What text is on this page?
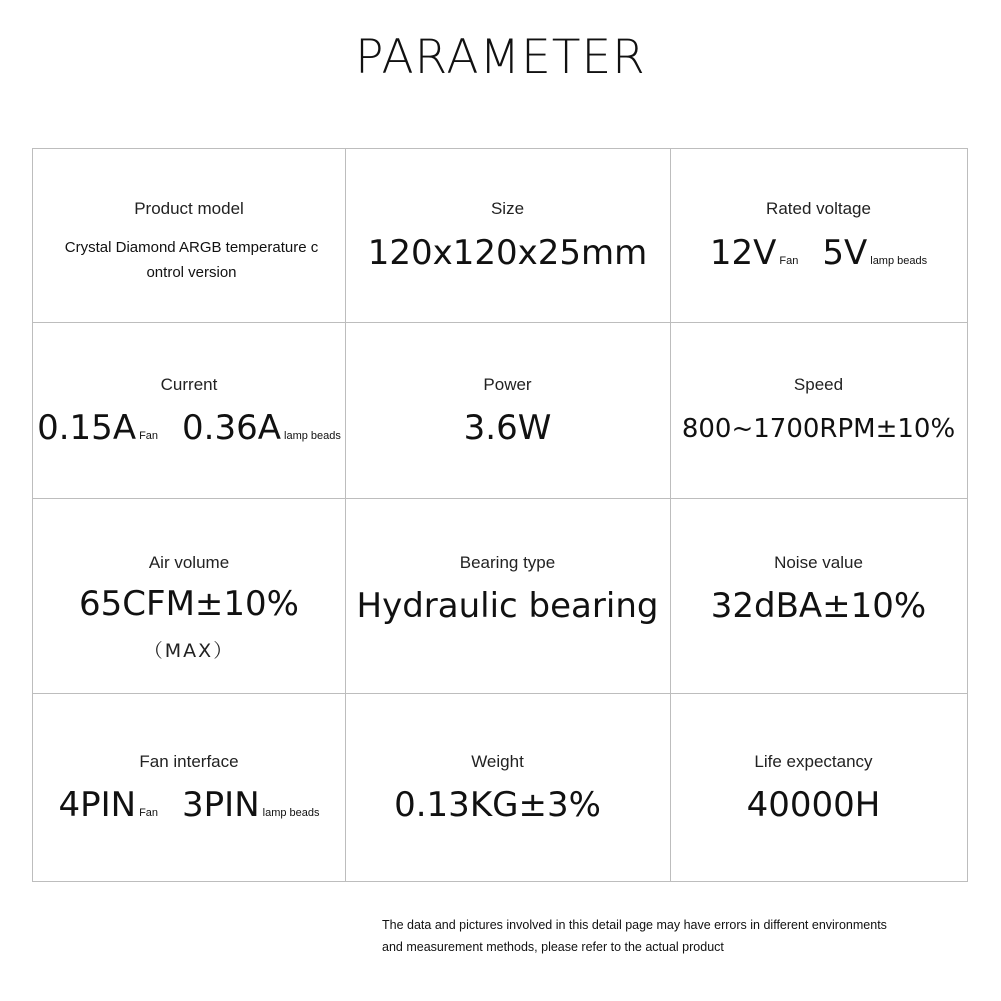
PARAMETER
Product model
Crystal Diamond ARGB temperature c ontrol version
Size
120x120x25mm
Rated voltage
12V Fan 5V lamp beads
Current
0.15A Fan 0.36A lamp beads
Power
3.6W
Speed
800~1700RPM±10%
Air volume
65CFM±10%
（MAX）
Bearing type
Hydraulic bearing
Noise value
32dBA±10%
Fan interface
4PIN Fan 3PIN lamp beads
Weight
0.13KG±3%
Life expectancy
40000H
The data and pictures involved in this detail page may have errors in different environments
and measurement methods, please refer to the actual product
